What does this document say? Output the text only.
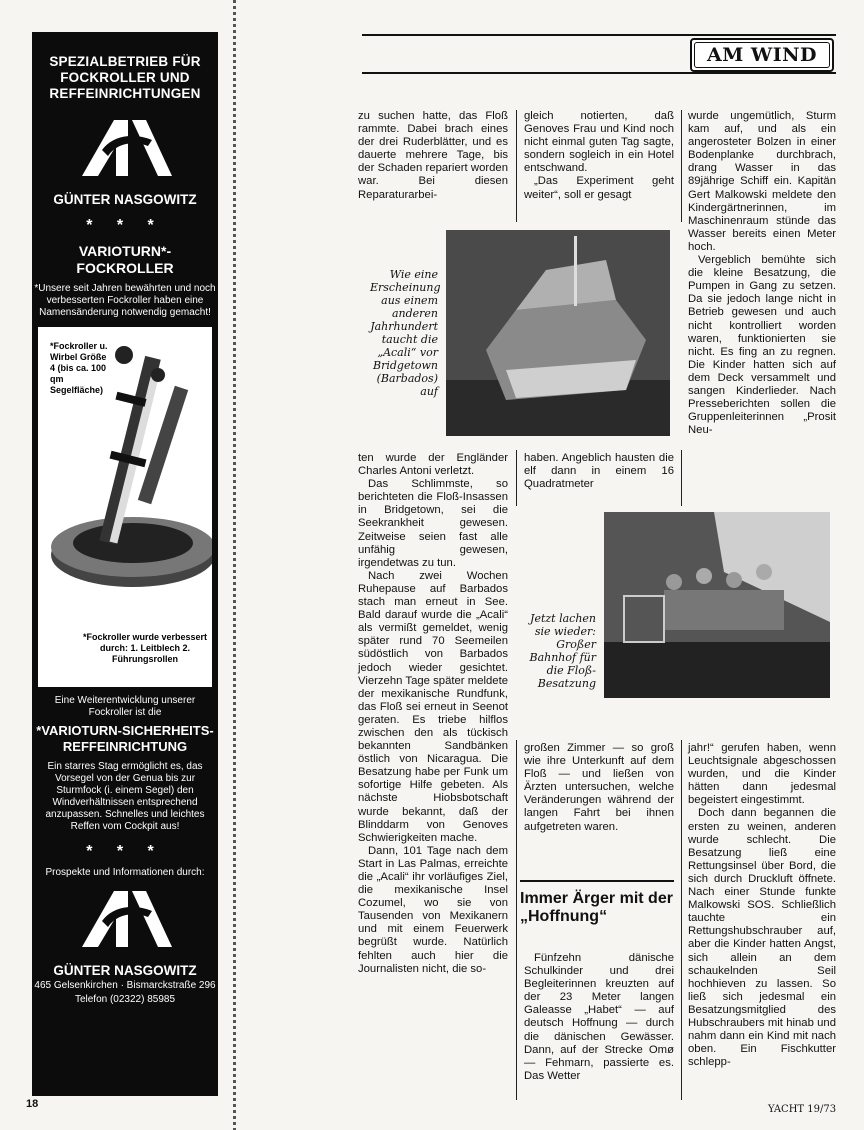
SPEZIALBETRIEB FÜR FOCKROLLER UND REFFEINRICHTUNGEN
GÜNTER NASGOWITZ
* * *
VARIOTURN*-FOCKROLLER
*Unsere seit Jahren bewährten und noch verbesserten Fockroller haben eine Namensänderung notwendig gemacht!
*Fockroller u. Wirbel Größe 4 (bis ca. 100 qm Segelfläche)
*Fockroller wurde verbessert durch: 1. Leitblech 2. Führungsrollen
Eine Weiterentwicklung unserer Fockroller ist die
*VARIOTURN-SICHERHEITS-REFFEINRICHTUNG
Ein starres Stag ermöglicht es, das Vorsegel von der Genua bis zur Sturmfock (i. einem Segel) den Windverhältnissen entsprechend anzupassen. Schnelles und leichtes Reffen vom Cockpit aus!
* * *
Prospekte und Informationen durch:
GÜNTER NASGOWITZ
465 Gelsenkirchen · Bismarckstraße 296
Telefon (02322) 85985
AM WIND

zu suchen hatte, das Floß rammte. Dabei brach eines der drei Ruderblätter, und es dauerte mehrere Tage, bis der Schaden repariert worden war. Bei diesen Reparaturarbei-

ten wurde der Engländer Charles Antoni verletzt.

Das Schlimmste, so berichteten die Floß-Insassen in Bridgetown, sei die Seekrankheit gewesen. Zeitweise seien fast alle unfähig gewesen, irgendetwas zu tun.

Nach zwei Wochen Ruhepause auf Barbados stach man erneut in See. Bald darauf wurde die „Acali“ als vermißt gemeldet, wenig später rund 70 Seemeilen südöstlich von Barbados jedoch wieder gesichtet. Vierzehn Tage später meldete der mexikanische Rundfunk, das Floß sei erneut in Seenot geraten. Es triebe hilflos zwischen den als tückisch bekannten Sandbänken östlich von Nicaragua. Die Besatzung habe per Funk um sofortige Hilfe gebeten. Als nächste Hiobsbotschaft wurde bekannt, daß der Blinddarm von Genoves Schwierigkeiten mache.

Dann, 101 Tage nach dem Start in Las Palmas, erreichte die „Acali“ ihr vorläufiges Ziel, die mexikanische Insel Cozumel, wo sie von Tausenden von Mexikanern und mit einem Feuerwerk begrüßt wurde. Natürlich fehlten auch hier die Journalisten nicht, die so-

gleich notierten, daß Genoves Frau und Kind noch nicht einmal guten Tag sagte, sondern sogleich in ein Hotel entschwand.

„Das Experiment geht weiter“, soll er gesagt

haben. Angeblich hausten die elf dann in einem 16 Quadratmeter

großen Zimmer — so groß wie ihre Unterkunft auf dem Floß — und ließen von Ärzten untersuchen, welche Veränderungen während der langen Fahrt bei ihnen aufgetreten waren.

Immer Ärger mit der „Hoffnung“

Fünfzehn dänische Schulkinder und drei Begleiterinnen kreuzten auf der 23 Meter langen Galeasse „Habet“ — auf deutsch Hoffnung — durch die dänischen Gewässer. Dann, auf der Strecke Omø — Fehmarn, passierte es. Das Wetter

wurde ungemütlich, Sturm kam auf, und als ein angerosteter Bolzen in einer Bodenplanke durchbrach, drang Wasser in das 89jährige Schiff ein. Kapitän Gert Malkowski meldete den Kindergärtnerinnen, im Maschinenraum stünde das Wasser bereits einen Meter hoch.

Vergeblich bemühte sich die kleine Besatzung, die Pumpen in Gang zu setzen. Da sie jedoch lange nicht in Betrieb gewesen und auch nicht kontrolliert worden waren, funktionierten sie nicht. Es fing an zu regnen. Die Kinder hatten sich auf dem Deck versammelt und sangen Kinderlieder. Nach Presseberichten sollen die Gruppenleiterinnen „Prosit Neu-

jahr!“ gerufen haben, wenn Leuchtsignale abgeschossen wurden, und die Kinder hätten dann jedesmal begeistert eingestimmt.

Doch dann begannen die ersten zu weinen, anderen wurde schlecht. Die Besatzung ließ eine Rettungsinsel über Bord, die sich durch Druckluft öffnete. Nach einer Stunde funkte Malkowski SOS. Schließlich tauchte ein Rettungshubschrauber auf, aber die Kinder hatten Angst, sich allein an dem schaukelnden Seil hochhieven zu lassen. So ließ sich jedesmal ein Besatzungsmitglied des Hubschraubers mit hinab und nahm dann ein Kind mit nach oben. Ein Fischkutter schlepp-

Wie eine Erscheinung aus einem anderen Jahrhundert taucht die „Acali“ vor Bridgetown (Barbados) auf
Jetzt lachen sie wieder: Großer Bahnhof für die Floß-Besatzung
18	YACHT 19/73
